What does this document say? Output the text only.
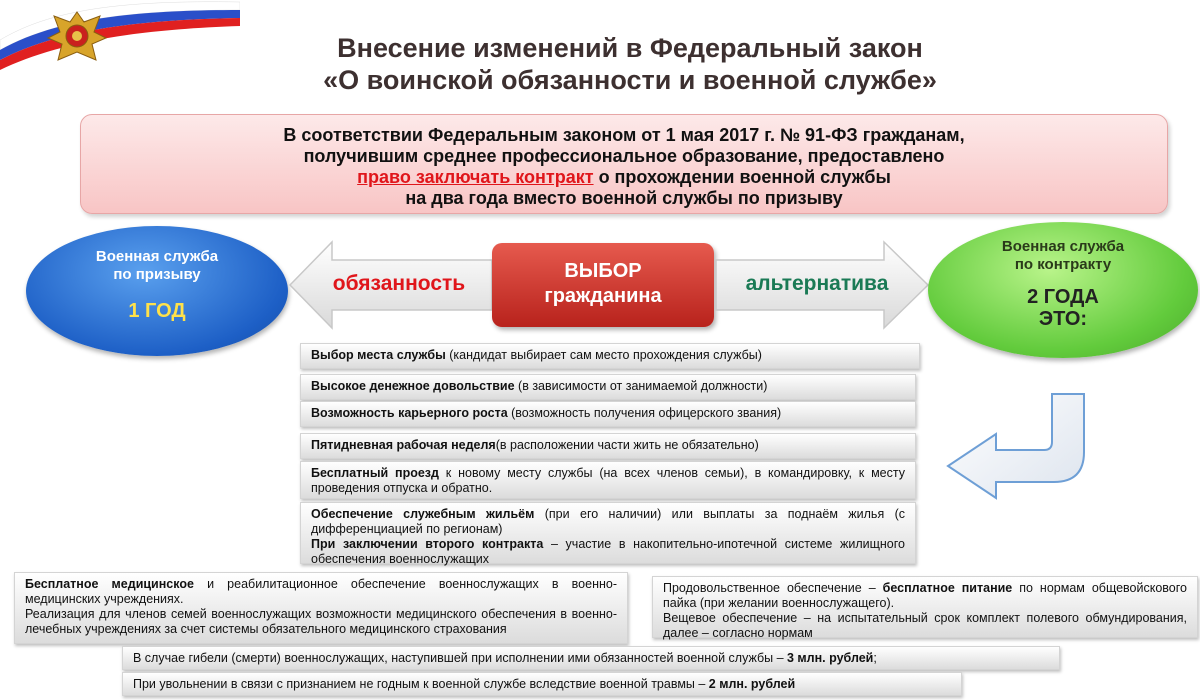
Внесение изменений в Федеральный закон
«О воинской обязанности и военной службе»
В соответствии Федеральным законом от 1 мая 2017 г. № 91-ФЗ гражданам,
получившим среднее профессиональное образование, предоставлено
право заключать контракт о прохождении военной службы
на два года вместо военной службы по призыву
Военная служба
по призыву
1 ГОД
обязанность
ВЫБОР
гражданина
альтернатива
Военная служба
по контракту
2 ГОДА
ЭТО:
Выбор места службы (кандидат выбирает сам место прохождения службы)
Высокое денежное довольствие (в зависимости от занимаемой должности)
Возможность карьерного роста (возможность получения офицерского звания)
Пятидневная рабочая неделя(в расположении части жить не обязательно)
Бесплатный проезд к новому месту службы (на всех членов семьи), в командировку, к месту проведения отпуска и обратно.
Обеспечение служебным жильём (при его наличии) или выплаты за поднаём жилья (с дифференциацией по регионам)
При заключении второго контракта – участие в накопительно-ипотечной системе жилищного обеспечения военнослужащих
Бесплатное медицинское и реабилитационное обеспечение военнослужащих в военно-медицинских учреждениях.
Реализация для членов семей военнослужащих возможности медицинского обеспечения в военно-лечебных учреждениях за счет системы обязательного медицинского страхования
Продовольственное обеспечение – бесплатное питание по нормам общевойскового пайка (при желании военнослужащего).
Вещевое обеспечение – на испытательный срок комплект полевого обмундирования, далее – согласно нормам
В случае гибели (смерти) военнослужащих, наступившей при исполнении ими обязанностей военной службы – 3 млн. рублей;
При увольнении в связи с признанием не годным к военной службе вследствие военной травмы – 2 млн. рублей
